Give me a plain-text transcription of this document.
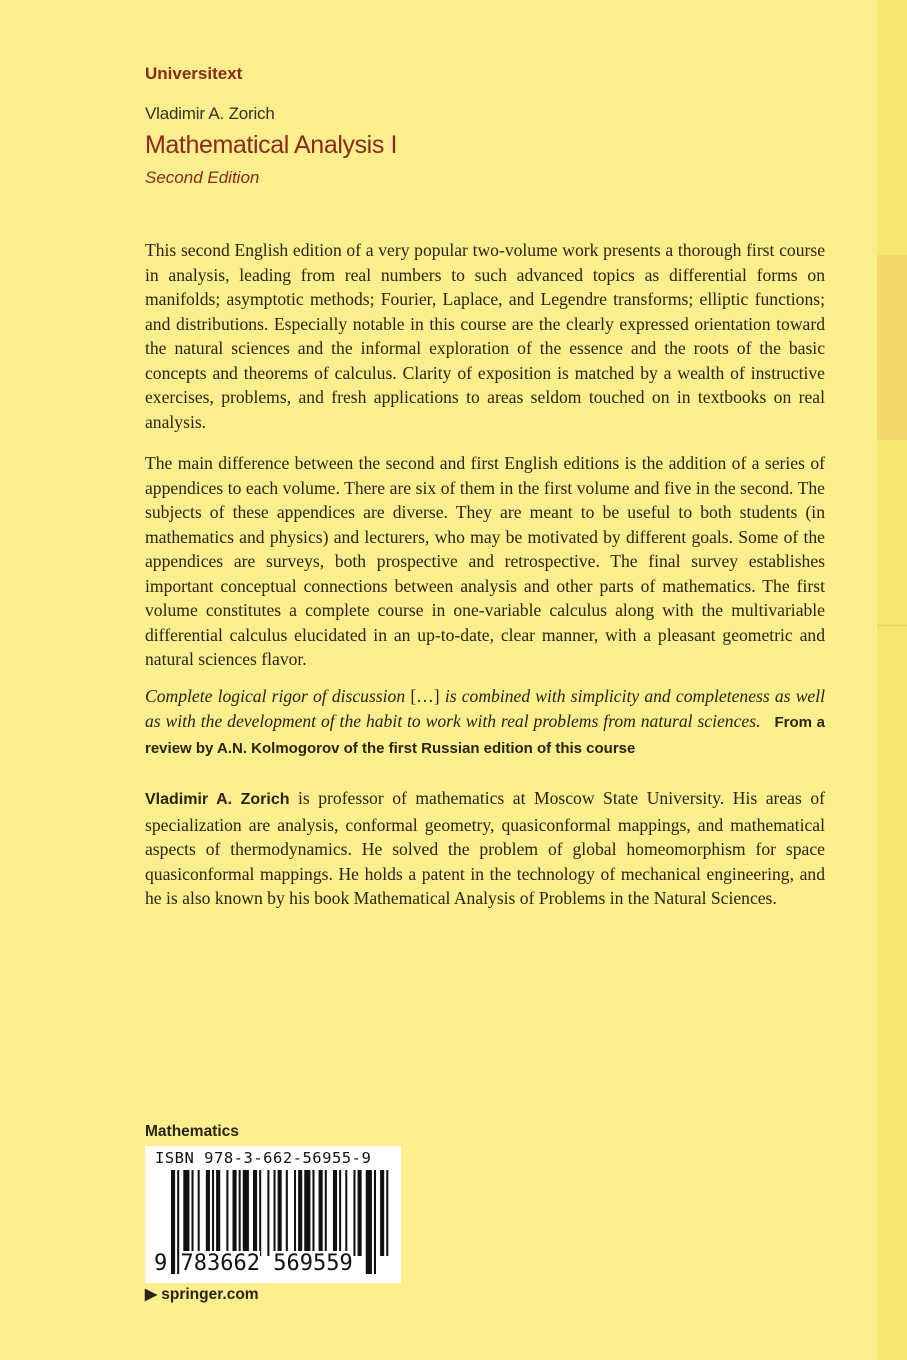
Universitext
Vladimir A. Zorich
Mathematical Analysis I
Second Edition

This second English edition of a very popular two-volume work presents a thorough first course in analysis, leading from real numbers to such advanced topics as differential forms on manifolds; asymptotic methods; Fourier, Laplace, and Legendre transforms; elliptic functions; and distributions. Especially notable in this course are the clearly expressed orientation toward the natural sciences and the informal exploration of the essence and the roots of the basic concepts and theorems of calculus. Clarity of exposition is matched by a wealth of instructive exercises, problems, and fresh applications to areas seldom touched on in textbooks on real analysis.

The main difference between the second and first English editions is the addition of a series of appendices to each volume. There are six of them in the first volume and five in the second. The subjects of these appendices are diverse. They are meant to be useful to both students (in mathematics and physics) and lecturers, who may be motivated by different goals. Some of the appendices are surveys, both prospective and retrospective. The final survey establishes important conceptual connections between analysis and other parts of mathematics. The first volume constitutes a complete course in one-variable calculus along with the multivariable differential calculus elucidated in an up-to-date, clear manner, with a pleasant geometric and natural sciences flavor.

Complete logical rigor of discussion […] is combined with simplicity and completeness as well as with the development of the habit to work with real problems from natural sciences. From a review by A.N. Kolmogorov of the first Russian edition of this course

Vladimir A. Zorich is professor of mathematics at Moscow State University. His areas of specialization are analysis, conformal geometry, quasiconformal mappings, and mathematical aspects of thermodynamics. He solved the problem of global homeomorphism for space quasiconformal mappings. He holds a patent in the technology of mechanical engineering, and he is also known by his book Mathematical Analysis of Problems in the Natural Sciences.

Mathematics
ISBN 978-3-662-56955-9
9 783662 569559
▶ springer.com
